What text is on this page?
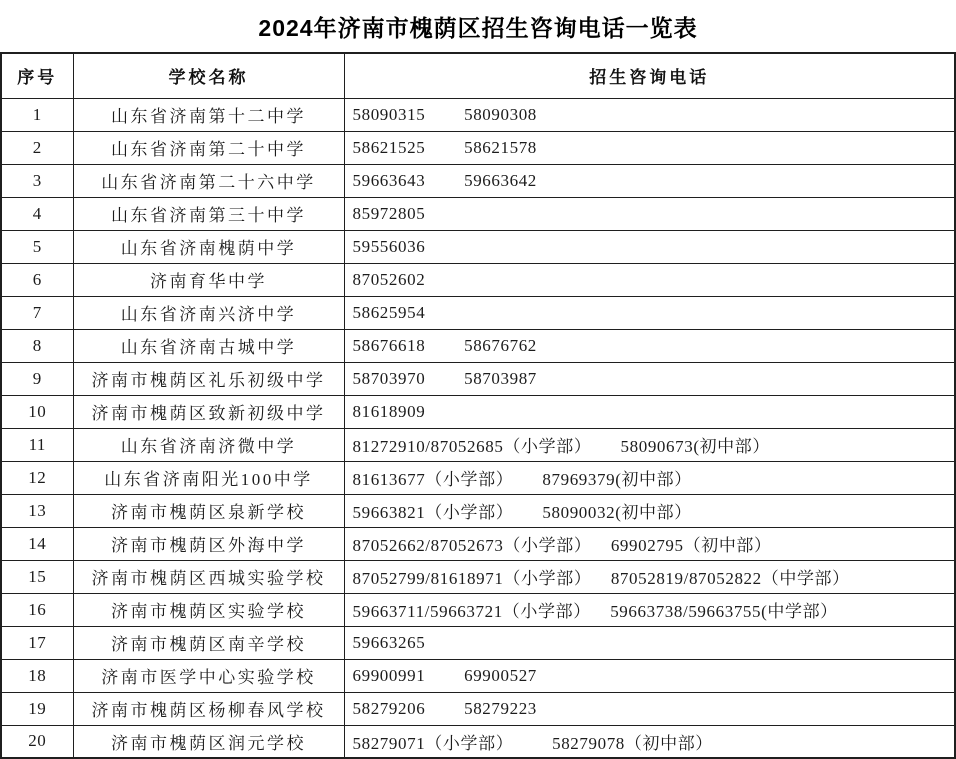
2024年济南市槐荫区招生咨询电话一览表
序号	学校名称	招生咨询电话
1	山东省济南第十二中学	58090315        58090308
2	山东省济南第二十中学	58621525        58621578
3	山东省济南第二十六中学	59663643        59663642
4	山东省济南第三十中学	85972805
5	山东省济南槐荫中学	59556036
6	济南育华中学	87052602
7	山东省济南兴济中学	58625954
8	山东省济南古城中学	58676618        58676762
9	济南市槐荫区礼乐初级中学	58703970        58703987
10	济南市槐荫区致新初级中学	81618909
11	山东省济南济微中学	81272910/87052685（小学部）      58090673(初中部）
12	山东省济南阳光100中学	81613677（小学部）      87969379(初中部）
13	济南市槐荫区泉新学校	59663821（小学部）      58090032(初中部）
14	济南市槐荫区外海中学	87052662/87052673（小学部）    69902795（初中部）
15	济南市槐荫区西城实验学校	87052799/81618971（小学部）    87052819/87052822（中学部）
16	济南市槐荫区实验学校	59663711/59663721（小学部）    59663738/59663755(中学部）
17	济南市槐荫区南辛学校	59663265
18	济南市医学中心实验学校	69900991        69900527
19	济南市槐荫区杨柳春风学校	58279206        58279223
20	济南市槐荫区润元学校	58279071（小学部）        58279078（初中部）
